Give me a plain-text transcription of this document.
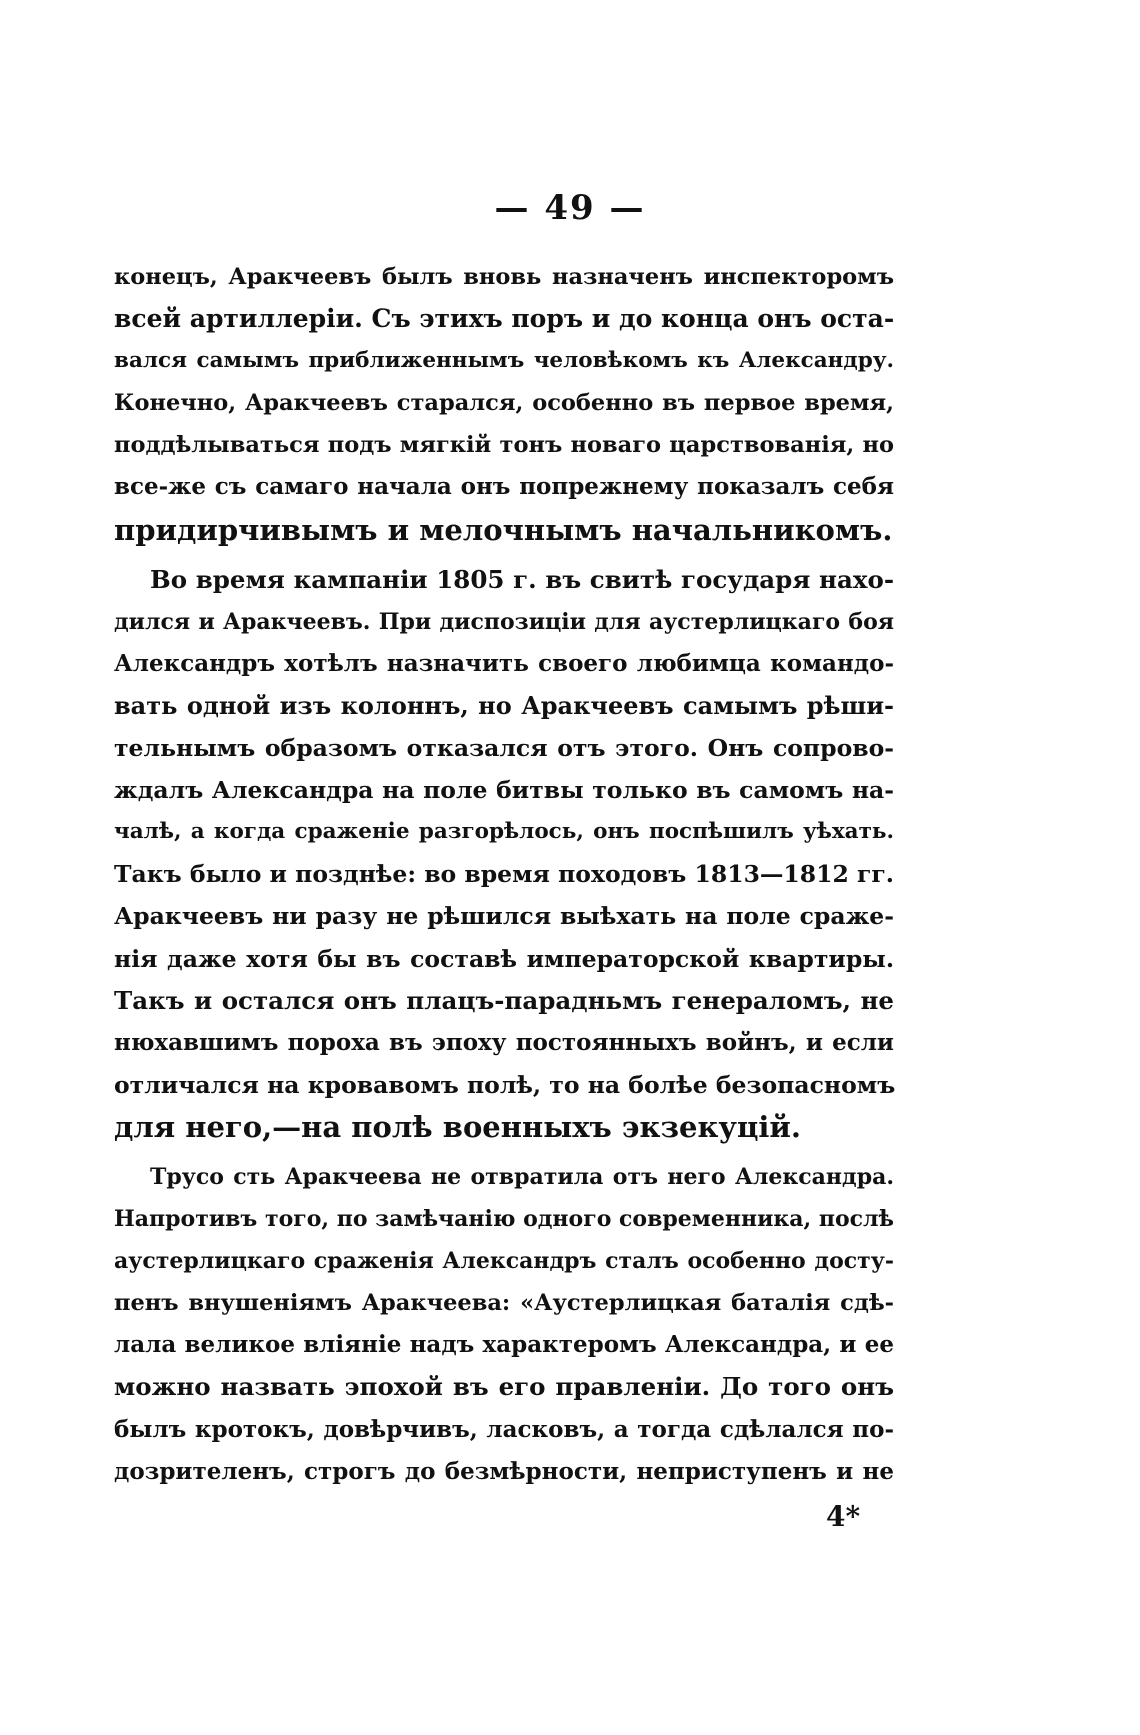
— 49 —
конецъ, Аракчеевъ былъ вновь назначенъ инспекторомъ
всей артиллеріи. Съ этихъ поръ и до конца онъ оста-
вался самымъ приближеннымъ человѣкомъ къ Александру.
Конечно, Аракчеевъ старался, особенно въ первое время,
поддѣлываться подъ мягкій тонъ новаго царствованія, но
все-же съ самаго начала онъ попрежнему показалъ себя
придирчивымъ и мелочнымъ начальникомъ.
Во время кампаніи 1805 г. въ свитѣ государя нахо-
дился и Аракчеевъ. При диспозиціи для аустерлицкаго боя
Александръ хотѣлъ назначить своего любимца командо-
вать одной изъ колоннъ, но Аракчеевъ самымъ рѣши-
тельнымъ образомъ отказался отъ этого. Онъ сопрово-
ждалъ Александра на поле битвы только въ самомъ на-
чалѣ, а когда сраженіе разгорѣлось, онъ поспѣшилъ уѣхать.
Такъ было и позднѣе: во время походовъ 1813—1812 гг.
Аракчеевъ ни разу не рѣшился выѣхать на поле сраже-
нія даже хотя бы въ составѣ императорской квартиры.
Такъ и остался онъ плацъ-парадньмъ генераломъ, не
нюхавшимъ пороха въ эпоху постоянныхъ войнъ, и если
отличался на кровавомъ полѣ, то на болѣе безопасномъ
для него,—на полѣ военныхъ экзекуцій.
Трусо сть Аракчеева не отвратила отъ него Александра.
Напротивъ того, по замѣчанію одного современника, послѣ
аустерлицкаго сраженія Александръ сталъ особенно досту-
пенъ внушеніямъ Аракчеева: «Аустерлицкая баталія сдѣ-
лала великое вліяніе надъ характеромъ Александра, и ее
можно назвать эпохой въ его правленіи. До того онъ
былъ кротокъ, довѣрчивъ, ласковъ, а тогда сдѣлался по-
дозрителенъ, строгъ до безмѣрности, неприступенъ и не
4*
